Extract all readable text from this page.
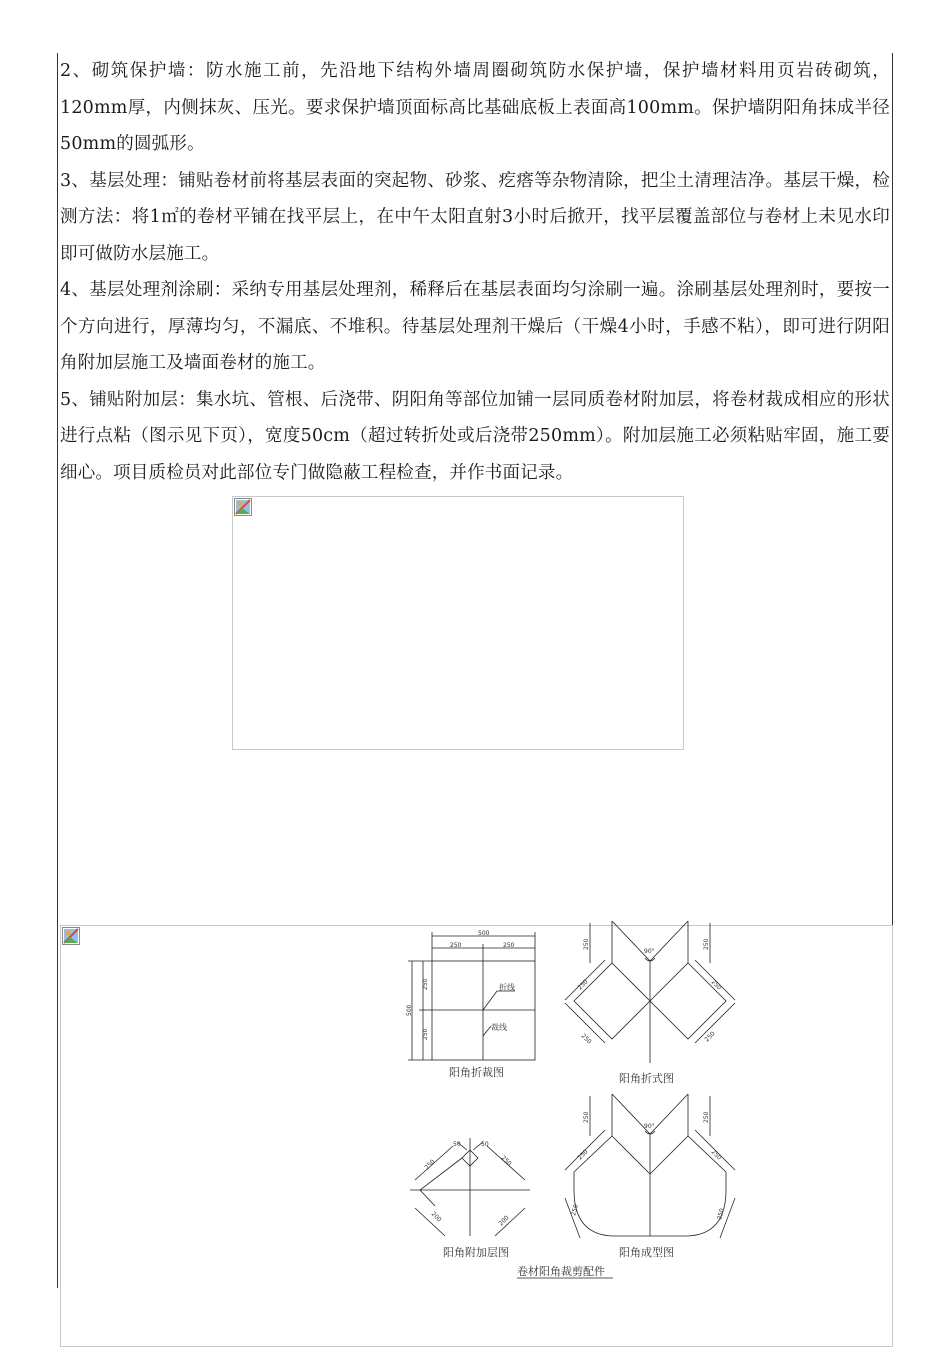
2、砌筑保护墙：防水施工前，先沿地下结构外墙周圈砌筑防水保护墙，保护墙材料用页岩砖砌筑，120mm厚，内侧抹灰、压光。要求保护墙顶面标高比基础底板上表面高100mm。保护墙阴阳角抹成半径50mm的圆弧形。

3、基层处理：铺贴卷材前将基层表面的突起物、砂浆、疙瘩等杂物清除，把尘土清理洁净。基层干燥，检测方法：将1㎡的卷材平铺在找平层上，在中午太阳直射3小时后掀开，找平层覆盖部位与卷材上未见水印即可做防水层施工。

4、基层处理剂涂刷：采纳专用基层处理剂，稀释后在基层表面均匀涂刷一遍。涂刷基层处理剂时，要按一个方向进行，厚薄均匀，不漏底、不堆积。待基层处理剂干燥后（干燥4小时，手感不粘），即可进行阴阳角附加层施工及墙面卷材的施工。

5、铺贴附加层：集水坑、管根、后浇带、阴阳角等部位加铺一层同质卷材附加层，将卷材裁成相应的形状进行点粘（图示见下页），宽度50cm（超过转折处或后浇带250mm）。附加层施工必须粘贴牢固，施工要细心。项目质检员对此部位专门做隐蔽工程检查，并作书面记录。

500
250	250
500
250
250
折线
裁线
阳角折裁图
90°
250	250
250	250
250	250
阳角折式图
50	50
250	250
200	200
阳角附加层图
90°
250	250
250	250
250	250
阳角成型图
卷材阳角裁剪配件
